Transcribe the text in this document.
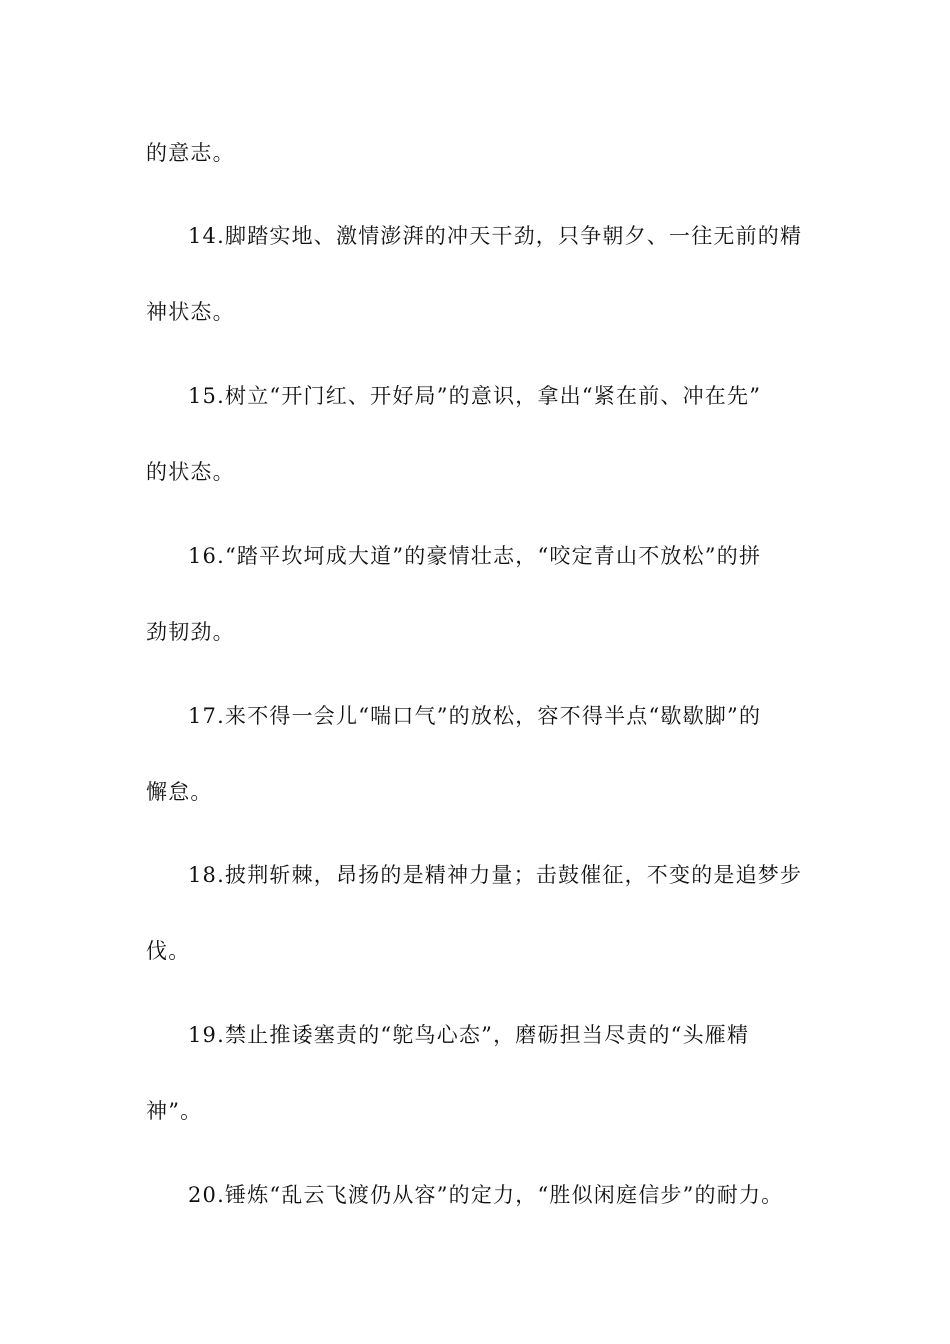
的意志。
14.脚踏实地、激情澎湃的冲天干劲，只争朝夕、一往无前的精
神状态。
15.树立“开门红、开好局”的意识，拿出“紧在前、冲在先”
的状态。
16.“踏平坎坷成大道”的豪情壮志，“咬定青山不放松”的拼
劲韧劲。
17.来不得一会儿“喘口气”的放松，容不得半点“歇歇脚”的
懈怠。
18.披荆斩棘，昂扬的是精神力量；击鼓催征，不变的是追梦步
伐。
19.禁止推诿塞责的“鸵鸟心态”，磨砺担当尽责的“头雁精
神”。
20.锤炼“乱云飞渡仍从容”的定力，“胜似闲庭信步”的耐力。
